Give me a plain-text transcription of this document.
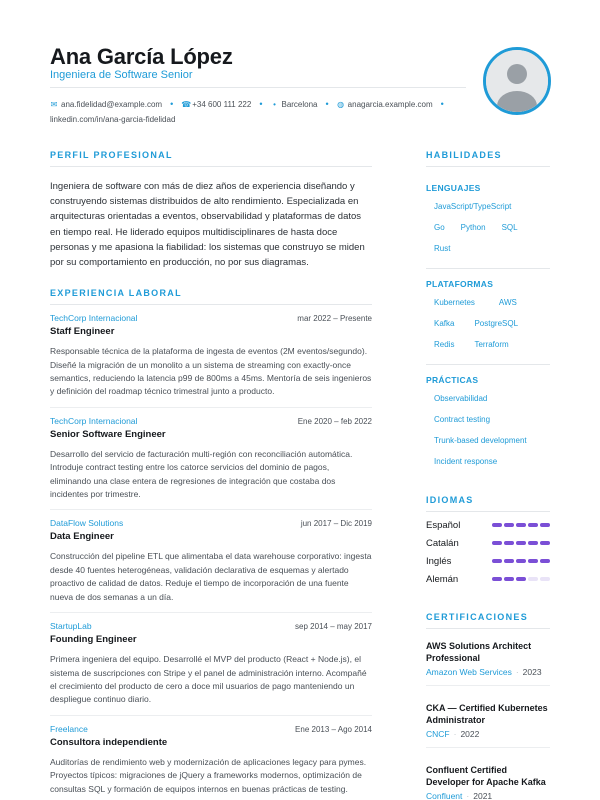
Ana García López
Ingeniera de Software Senior
✉ ana.fidelidad@example.com • ☎+34 600 111 222 • • Barcelona • ◍ anagarcia.example.com •
linkedin.com/in/ana-garcia-fidelidad
PERFIL PROFESIONAL

Ingeniera de software con más de diez años de experiencia diseñando y construyendo sistemas distribuidos de alto rendimiento. Especializada en arquitecturas orientadas a eventos, observabilidad y plataformas de datos en tiempo real. He liderado equipos multidisciplinares de hasta doce personas y me apasiona la fiabilidad: los sistemas que construyo se miden por su comportamiento en producción, no por sus diagramas.

EXPERIENCIA LABORAL
TechCorp Internacional	mar 2022 – Presente
Staff Engineer

Responsable técnica de la plataforma de ingesta de eventos (2M eventos/segundo). Diseñé la migración de un monolito a un sistema de streaming con exactly-once semantics, reduciendo la latencia p99 de 800ms a 45ms. Mentoría de seis ingenieros y definición del roadmap técnico trimestral junto a producto.

TechCorp Internacional	Ene 2020 – feb 2022
Senior Software Engineer

Desarrollo del servicio de facturación multi-región con reconciliación automática. Introduje contract testing entre los catorce servicios del dominio de pagos, eliminando una clase entera de regresiones de integración que costaba dos incidentes por trimestre.

DataFlow Solutions	jun 2017 – Dic 2019
Data Engineer

Construcción del pipeline ETL que alimentaba el data warehouse corporativo: ingesta desde 40 fuentes heterogéneas, validación declarativa de esquemas y alertado proactivo de calidad de datos. Reduje el tiempo de incorporación de una fuente nueva de dos semanas a un día.

StartupLab	sep 2014 – may 2017
Founding Engineer

Primera ingeniera del equipo. Desarrollé el MVP del producto (React + Node.js), el sistema de suscripciones con Stripe y el panel de administración interno. Acompañé el crecimiento del producto de cero a doce mil usuarios de pago manteniendo un despliegue continuo diario.

Freelance	Ene 2013 – Ago 2014
Consultora independiente

Auditorías de rendimiento web y modernización de aplicaciones legacy para pymes. Proyectos típicos: migraciones de jQuery a frameworks modernos, optimización de consultas SQL y formación de equipos internos en buenas prácticas de testing.

HABILIDADES
LENGUAJES
JavaScript/TypeScript
Go Python SQL
Rust
PLATAFORMAS
Kubernetes	AWS
Kafka	PostgreSQL
Redis	Terraform
PRÁCTICAS
Observabilidad
Contract testing
Trunk-based development
Incident response
IDIOMAS
Español
Catalán
Inglés
Alemán
CERTIFICACIONES
AWS Solutions Architect Professional
Amazon Web Services · 2023
CKA — Certified Kubernetes Administrator
CNCF · 2022
Confluent Certified Developer for Apache Kafka
Confluent · 2021
